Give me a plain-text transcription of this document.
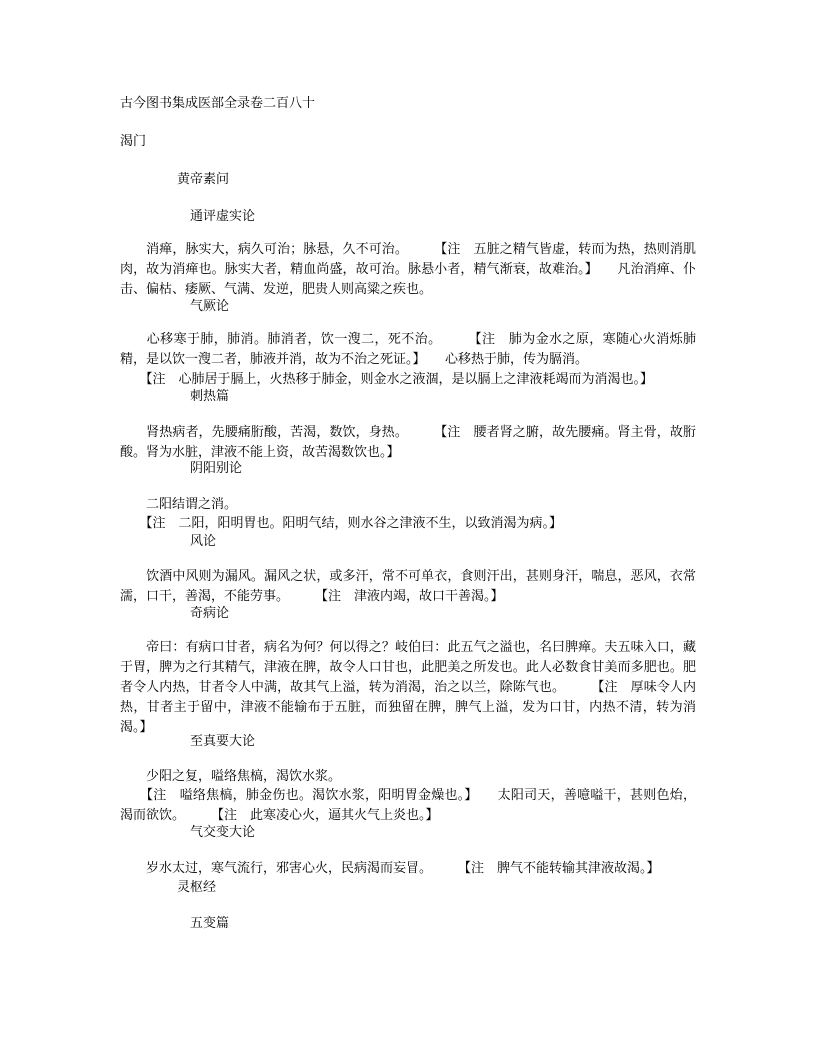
古今图书集成医部全录卷二百八十
渴门
黄帝素问
通评虚实论
　　消瘅，脉实大，病久可治；脉悬，久不可治。　　　【注　五脏之精气皆虚，转而为热，热则消肌肉，故为消瘅也。脉实大者，精血尚盛，故可治。脉悬小者，精气渐衰，故难治。】　　凡治消瘅、仆击、偏枯、痿厥、气满、发逆，肥贵人则高粱之疾也。
气厥论
　　心移寒于肺，肺消。肺消者，饮一溲二，死不治。　　　【注　肺为金水之原，寒随心火消烁肺精，是以饮一溲二者，肺液并消，故为不治之死证。】　　心移热于肺，传为膈消。
　　【注　心肺居于膈上，火热移于肺金，则金水之液涸，是以膈上之津液耗竭而为消渴也。】
刺热篇
　　肾热病者，先腰痛胻酸，苦渴，数饮，身热。　　　【注　腰者肾之腑，故先腰痛。肾主骨，故胻酸。肾为水脏，津液不能上资，故苦渴数饮也。】
阴阳别论
　　二阳结谓之消。
　　【注　二阳，阳明胃也。阳明气结，则水谷之津液不生，以致消渴为病。】
风论
　　饮酒中风则为漏风。漏风之状，或多汗，常不可单衣，食则汗出，甚则身汗，喘息，恶风，衣常濡，口干，善渴，不能劳事。　　　【注　津液内竭，故口干善渴。】
奇病论
　　帝曰：有病口甘者，病名为何？何以得之？岐伯曰：此五气之溢也，名曰脾瘅。夫五味入口，藏于胃，脾为之行其精气，津液在脾，故令人口甘也，此肥美之所发也。此人必数食甘美而多肥也。肥者令人内热，甘者令人中满，故其气上溢，转为消渴，治之以兰，除陈气也。　　　【注　厚味令人内热，甘者主于留中，津液不能输布于五脏，而独留在脾，脾气上溢，发为口甘，内热不清，转为消渴。】
至真要大论
　　少阳之复，嗌络焦槁，渴饮水浆。
　　【注　嗌络焦槁，肺金伤也。渴饮水浆，阳明胃金燥也。】　　太阳司天，善噫嗌干，甚则色炲，渴而欲饮。　　　【注　此寒凌心火，逼其火气上炎也。】
气交变大论
　　岁水太过，寒气流行，邪害心火，民病渴而妄冒。　　　【注　脾气不能转输其津液故渴。】
灵枢经
五变篇
